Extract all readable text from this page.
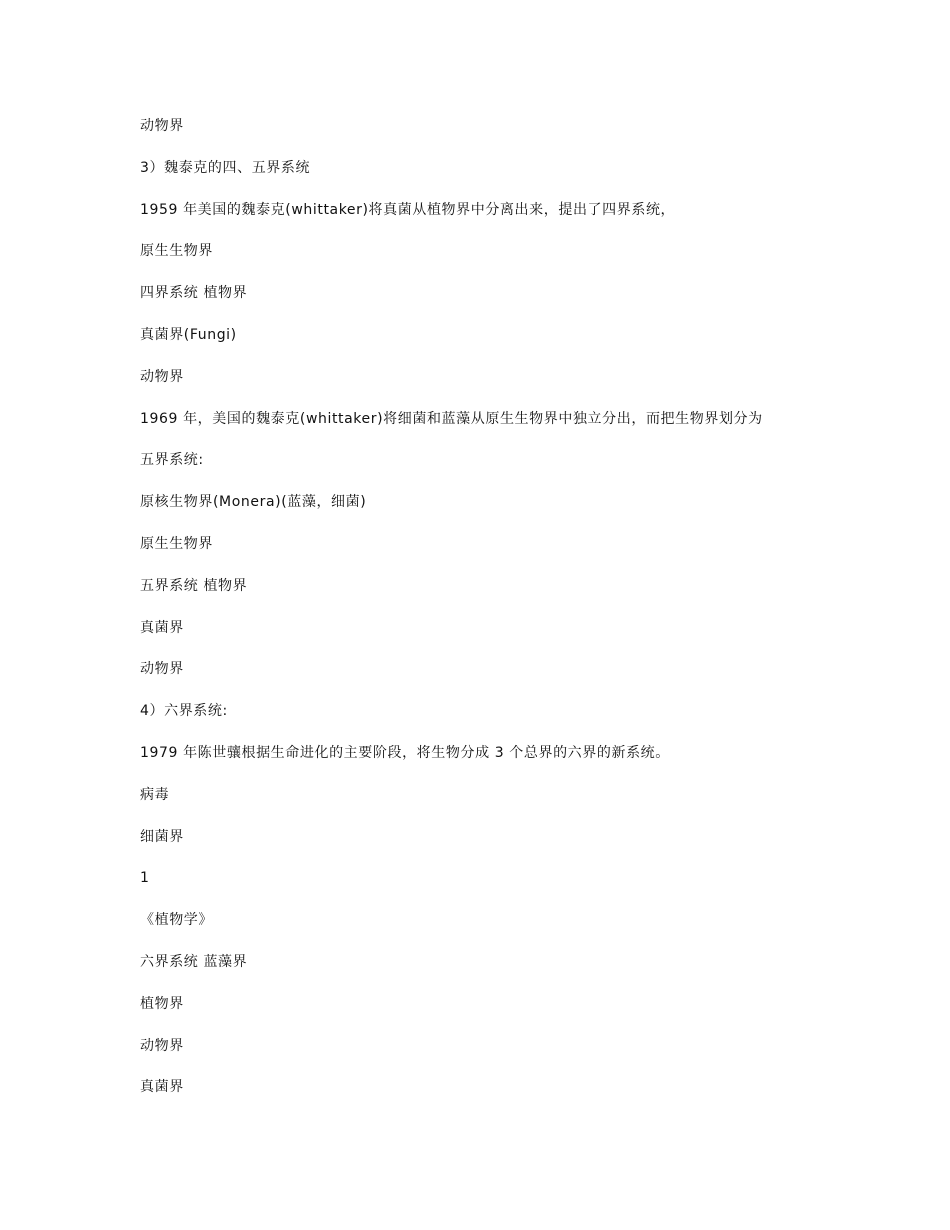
动物界
3）魏泰克的四、五界系统
1959 年美国的魏泰克(whittaker)将真菌从植物界中分离出来，提出了四界系统，
原生生物界
四界系统 植物界
真菌界(Fungi)
动物界
1969 年，美国的魏泰克(whittaker)将细菌和蓝藻从原生生物界中独立分出，而把生物界划分为
五界系统:
原核生物界(Monera)(蓝藻，细菌)
原生生物界
五界系统 植物界
真菌界
动物界
4）六界系统:
1979 年陈世骧根据生命进化的主要阶段，将生物分成 3 个总界的六界的新系统。
病毒
细菌界
1
《植物学》
六界系统 蓝藻界
植物界
动物界
真菌界
